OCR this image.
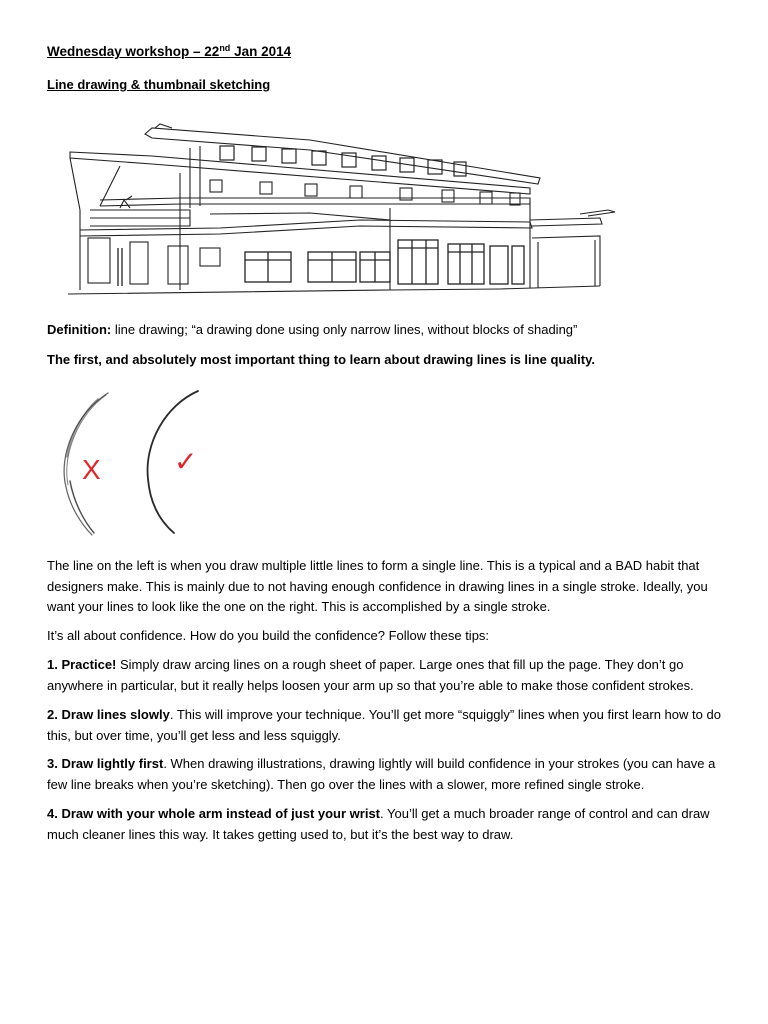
Wednesday workshop – 22nd Jan 2014
Line drawing & thumbnail sketching
Definition: line drawing; “a drawing done using only narrow lines, without blocks of shading”
The first, and absolutely most important thing to learn about drawing lines is line quality.
X	✓
The line on the left is when you draw multiple little lines to form a single line. This is a typical and a BAD habit that designers make. This is mainly due to not having enough confidence in drawing lines in a single stroke. Ideally, you want your lines to look like the one on the right. This is accomplished by a single stroke.
It’s all about confidence. How do you build the confidence? Follow these tips:
1. Practice! Simply draw arcing lines on a rough sheet of paper. Large ones that fill up the page. They don’t go anywhere in particular, but it really helps loosen your arm up so that you’re able to make those confident strokes.
2. Draw lines slowly. This will improve your technique. You’ll get more “squiggly” lines when you first learn how to do this, but over time, you’ll get less and less squiggly.
3. Draw lightly first. When drawing illustrations, drawing lightly will build confidence in your strokes (you can have a few line breaks when you’re sketching). Then go over the lines with a slower, more refined single stroke.
4. Draw with your whole arm instead of just your wrist. You’ll get a much broader range of control and can draw much cleaner lines this way. It takes getting used to, but it’s the best way to draw.
